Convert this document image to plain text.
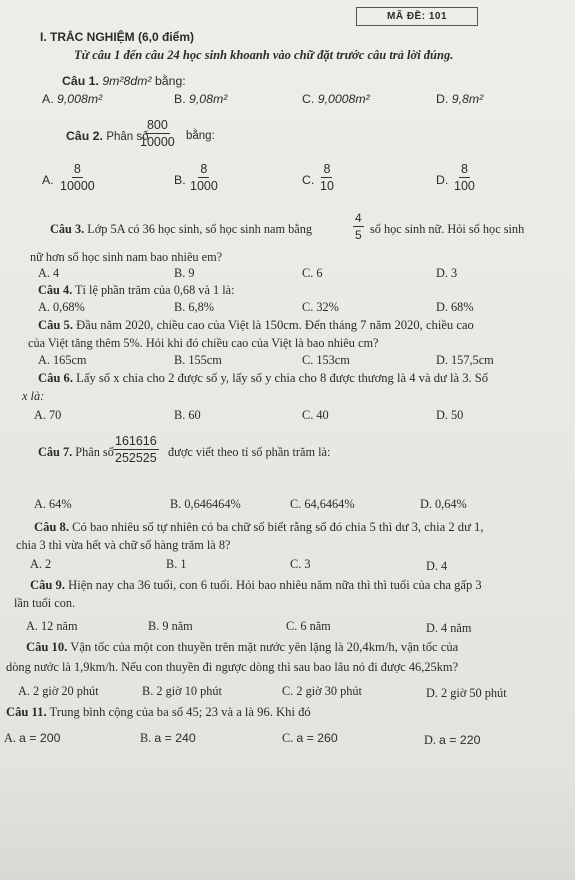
MÃ ĐỀ: 101
I. TRẮC NGHIỆM (6,0 điểm)
Từ câu 1 đến câu 24 học sinh khoanh vào chữ đặt trước câu trả lời đúng.
Câu 1. 9m²8dm² bằng:
A. 9,008m²	B. 9,08m²	C. 9,0008m²	D. 9,8m²
Câu 2. Phân số
$\frac{800}{10000}$ bằng:
A. $\frac{8}{10000}$	B. $\frac{8}{1000}$	C. $\frac{8}{10}$	D. $\frac{8}{100}$
Câu 3. Lớp 5A có 36 học sinh, số học sinh nam bằng	$\frac{4}{5}$ số học sinh nữ. Hỏi số học sinh
nữ hơn số học sinh nam bao nhiêu em?
A. 4	B. 9	C. 6	D. 3
Câu 4. Tỉ lệ phần trăm của 0,68 và 1 là:
A. 0,68%	B. 6,8%	C. 32%	D. 68%
Câu 5. Đầu năm 2020, chiều cao của Việt là 150cm. Đến tháng 7 năm 2020, chiều cao
của Việt tăng thêm 5%. Hỏi khi đó chiều cao của Việt là bao nhiêu cm?
A. 165cm	B. 155cm	C. 153cm	D. 157,5cm
Câu 6. Lấy số x chia cho 2 được số y, lấy số y chia cho 8 được thương là 4 và dư là 3. Số
x là:
A. 70	B. 60	C. 40	D. 50
Câu 7. Phân số $\frac{161616}{252525}$ được viết theo tỉ số phần trăm là:
A. 64%	B. 0,646464%	C. 64,6464%	D. 0,64%
Câu 8. Có bao nhiêu số tự nhiên có ba chữ số biết rằng số đó chia 5 thì dư 3, chia 2 dư 1,
chia 3 thì vừa hết và chữ số hàng trăm là 8?
A. 2	B. 1	C. 3	D. 4
Câu 9. Hiện nay cha 36 tuổi, con 6 tuổi. Hỏi bao nhiêu năm nữa thì thì tuổi của cha gấp 3
lần tuổi con.
A. 12 năm	B. 9 năm	C. 6 năm	D. 4 năm
Câu 10. Vận tốc của một con thuyền trên mặt nước yên lặng là 20,4km/h, vận tốc của
dòng nước là 1,9km/h. Nếu con thuyền đi ngược dòng thì sau bao lâu nó đi được 46,25km?
A. 2 giờ 20 phút	B. 2 giờ 10 phút	C. 2 giờ 30 phút	D. 2 giờ 50 phút
Câu 11. Trung bình cộng của ba số 45; 23 và a là 96. Khi đó
A. a = 200	B. a = 240	C. a = 260	D. a = 220
